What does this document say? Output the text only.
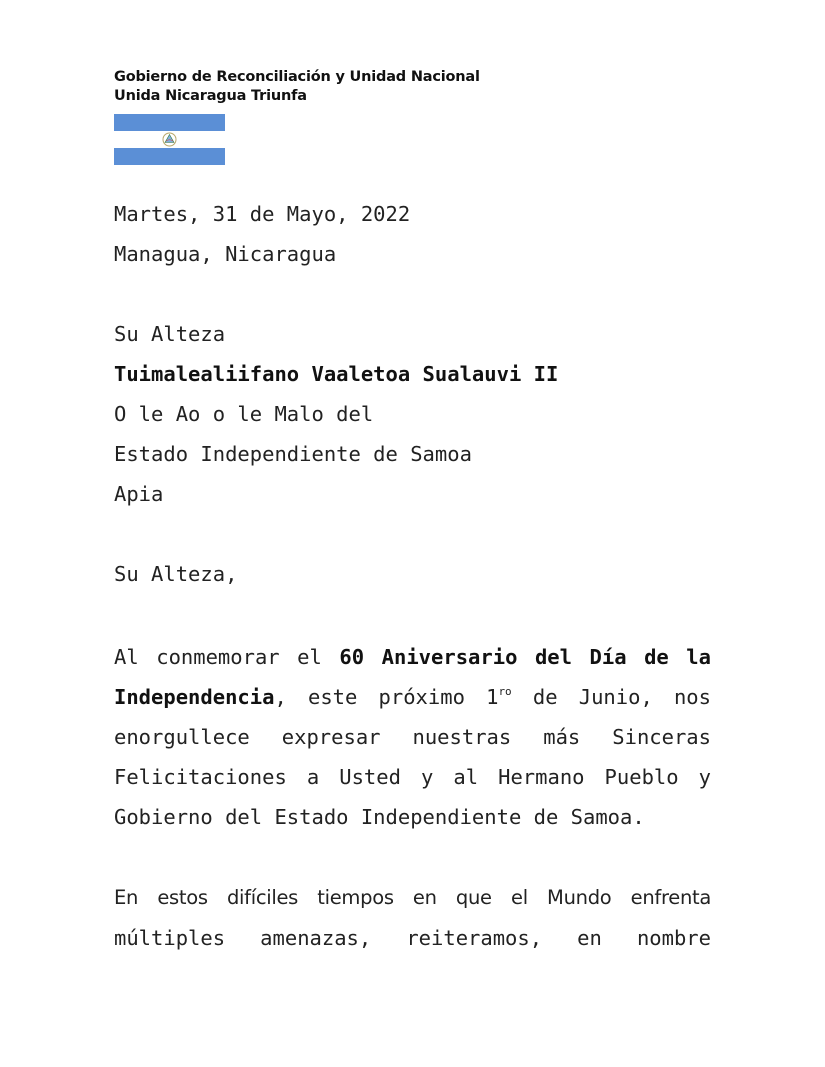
Gobierno de Reconciliación y Unidad Nacional
Unida Nicaragua Triunfa
Martes, 31 de Mayo, 2022
Managua, Nicaragua
Su Alteza
Tuimalealiifano Vaaletoa Sualauvi II
O le Ao o le Malo del
Estado Independiente de Samoa
Apia
Su Alteza,
Al conmemorar el 60 Aniversario del Día de la
Independencia, este próximo $1^{ro}$ de Junio, nos
enorgullece expresar nuestras más Sinceras
Felicitaciones a Usted y al Hermano Pueblo y
Gobierno del Estado Independiente de Samoa.
En estos difíciles tiempos en que el Mundo enfrenta
múltiples amenazas, reiteramos, en nombre
